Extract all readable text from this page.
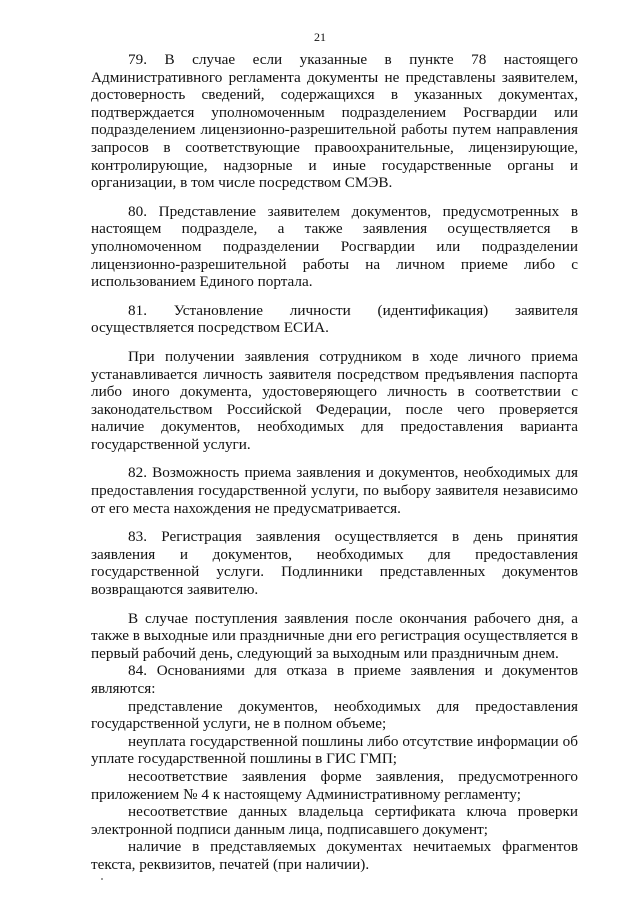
21

79. В случае если указанные в пункте 78 настоящего Административного регламента документы не представлены заявителем, достоверность сведений, содержащихся в указанных документах, подтверждается уполномоченным подразделением Росгвардии или подразделением лицензионно-разрешительной работы путем направления запросов в соответствующие правоохранительные, лицензирующие, контролирующие, надзорные и иные государственные органы и организации, в том числе посредством СМЭВ.

80. Представление заявителем документов, предусмотренных в настоящем подразделе, а также заявления осуществляется в уполномоченном подразделении Росгвардии или подразделении лицензионно-разрешительной работы на личном приеме либо с использованием Единого портала.

81. Установление личности (идентификация) заявителя осуществляется посредством ЕСИА.

При получении заявления сотрудником в ходе личного приема устанавливается личность заявителя посредством предъявления паспорта либо иного документа, удостоверяющего личность в соответствии с законодательством Российской Федерации, после чего проверяется наличие документов, необходимых для предоставления варианта государственной услуги.

82. Возможность приема заявления и документов, необходимых для предоставления государственной услуги, по выбору заявителя независимо от его места нахождения не предусматривается.

83. Регистрация заявления осуществляется в день принятия заявления и документов, необходимых для предоставления государственной услуги. Подлинники представленных документов возвращаются заявителю.

В случае поступления заявления после окончания рабочего дня, а также в выходные или праздничные дни его регистрация осуществляется в первый рабочий день, следующий за выходным или праздничным днем.

84. Основаниями для отказа в приеме заявления и документов являются:

представление документов, необходимых для предоставления государственной услуги, не в полном объеме;

неуплата государственной пошлины либо отсутствие информации об уплате государственной пошлины в ГИС ГМП;

несоответствие заявления форме заявления, предусмотренного приложением № 4 к настоящему Административному регламенту;

несоответствие данных владельца сертификата ключа проверки электронной подписи данным лица, подписавшего документ;

наличие в представляемых документах нечитаемых фрагментов текста, реквизитов, печатей (при наличии).
